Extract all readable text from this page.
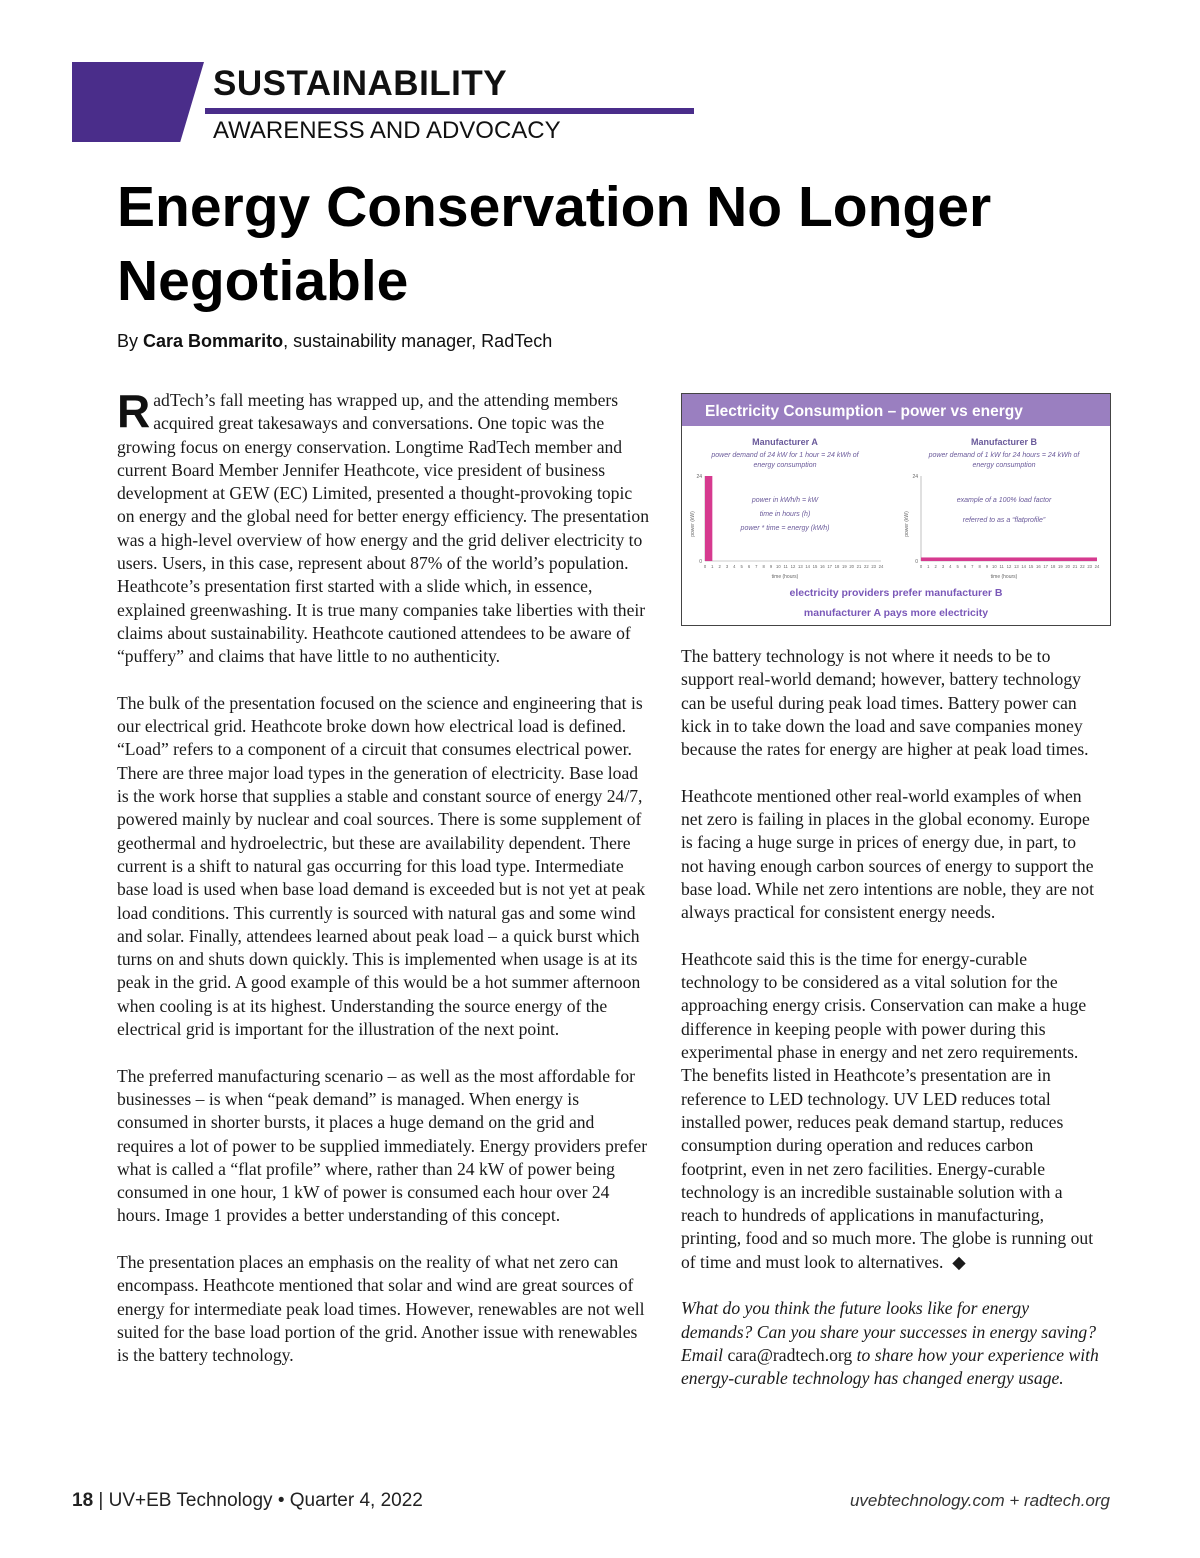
SUSTAINABILITY
AWARENESS AND ADVOCACY
Energy Conservation No Longer Negotiable
By Cara Bommarito, sustainability manager, RadTech

RadTech’s fall meeting has wrapped up, and the attending members acquired great takesaways and conversations. One topic was the growing focus on energy conservation. Longtime RadTech member and current Board Member Jennifer Heathcote, vice president of business development at GEW (EC) Limited, presented a thought-provoking topic on energy and the global need for better energy efficiency. The presentation was a high-level overview of how energy and the grid deliver electricity to users. Users, in this case, represent about 87% of the world’s population. Heathcote’s presentation first started with a slide which, in essence, explained greenwashing. It is true many companies take liberties with their claims about sustainability. Heathcote cautioned attendees to be aware of “puffery” and claims that have little to no authenticity.

The bulk of the presentation focused on the science and engineering that is our electrical grid. Heathcote broke down how electrical load is defined. “Load” refers to a component of a circuit that consumes electrical power. There are three major load types in the generation of electricity. Base load is the work horse that supplies a stable and constant source of energy 24/7, powered mainly by nuclear and coal sources. There is some supplement of geothermal and hydroelectric, but these are availability dependent. There current is a shift to natural gas occurring for this load type. Intermediate base load is used when base load demand is exceeded but is not yet at peak load conditions. This currently is sourced with natural gas and some wind and solar. Finally, attendees learned about peak load – a quick burst which turns on and shuts down quickly. This is implemented when usage is at its peak in the grid. A good example of this would be a hot summer afternoon when cooling is at its highest. Understanding the source energy of the electrical grid is important for the illustration of the next point.

The preferred manufacturing scenario – as well as the most affordable for businesses – is when “peak demand” is managed. When energy is consumed in shorter bursts, it places a huge demand on the grid and requires a lot of power to be supplied immediately. Energy providers prefer what is called a “flat profile” where, rather than 24 kW of power being consumed in one hour, 1 kW of power is consumed each hour over 24 hours. Image 1 provides a better understanding of this concept.

The presentation places an emphasis on the reality of what net zero can encompass. Heathcote mentioned that solar and wind are great sources of energy for intermediate peak load times. However, renewables are not well suited for the base load portion of the grid. Another issue with renewables is the battery technology.

Electricity Consumption – power vs energy
Manufacturer A
power demand of 24 kW for 1 hour = 24 kWh of
energy consumption
power in kWh/h = kW
time in hours (h)
power * time = energy (kWh)
power (kW)
24
0
time (hours)
Manufacturer B
power demand of 1 kW for 24 hours = 24 kWh of
energy consumption
example of a 100% load factor
referred to as a “flatprofile”
power (kW)
24
0
time (hours)
0 1 2 3 4 5 6 7 8 9 10 11 12 13 14 15 16 17 18 19 20 21 22 23 24	0 1 2 3 4 5 6 7 8 9 10 11 12 13 14 15 16 17 18 19 20 21 22 23 24
electricity providers prefer manufacturer B
manufacturer A pays more electricity

The battery technology is not where it needs to be to support real-world demand; however, battery technology can be useful during peak load times. Battery power can kick in to take down the load and save companies money because the rates for energy are higher at peak load times.

Heathcote mentioned other real-world examples of when net zero is failing in places in the global economy. Europe is facing a huge surge in prices of energy due, in part, to not having enough carbon sources of energy to support the base load. While net zero intentions are noble, they are not always practical for consistent energy needs.

Heathcote said this is the time for energy-curable technology to be considered as a vital solution for the approaching energy crisis. Conservation can make a huge difference in keeping people with power during this experimental phase in energy and net zero requirements. The benefits listed in Heathcote’s presentation are in reference to LED technology. UV LED reduces total installed power, reduces peak demand startup, reduces consumption during operation and reduces carbon footprint, even in net zero facilities. Energy-curable technology is an incredible sustainable solution with a reach to hundreds of applications in manufacturing, printing, food and so much more. The globe is running out of time and must look to alternatives. ◆

What do you think the future looks like for energy demands? Can you share your successes in energy saving? Email cara@radtech.org to share how your experience with energy-curable technology has changed energy usage.

18 | UV+EB Technology • Quarter 4, 2022	uvebtechnology.com + radtech.org
